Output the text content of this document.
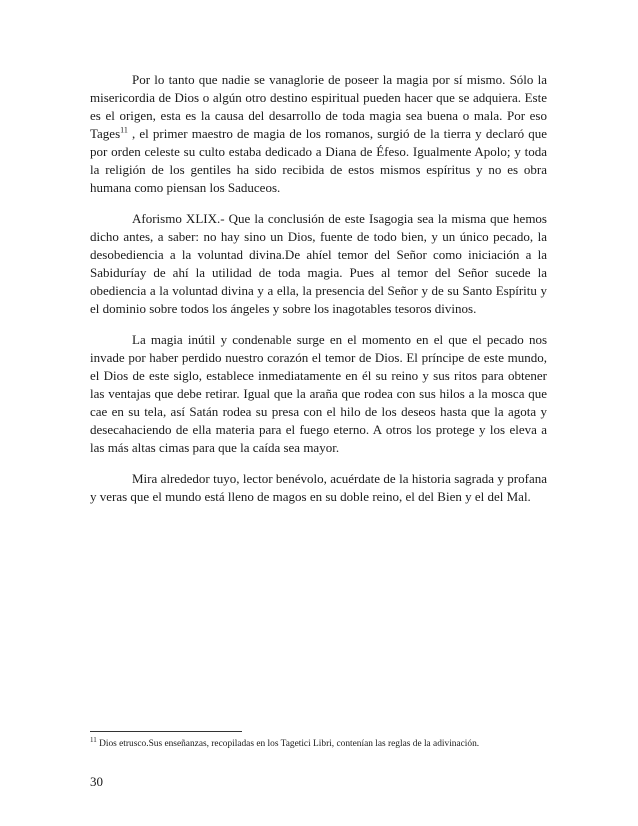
Por lo tanto que nadie se vanaglorie de poseer la magia por sí mismo. Sólo la misericordia de Dios o algún otro destino espiritual pueden hacer que se adquiera. Este es el origen, esta es la causa del desarrollo de toda magia sea buena o mala. Por eso Tages$^{11}$ , el primer maestro de magia de los romanos, surgió de la tierra y declaró que por orden celeste su culto estaba dedicado a Diana de Éfeso. Igualmente Apolo; y toda la religión de los gentiles ha sido recibida de estos mismos espíritus y no es obra humana como piensan los Saduceos.

Aforismo XLIX.- Que la conclusión de este Isagogia sea la misma que hemos dicho antes, a saber: no hay sino un Dios, fuente de todo bien, y un único pecado, la desobediencia a la voluntad divina.De ahíel temor del Señor como iniciación a la Sabiduríay de ahí la utilidad de toda magia. Pues al temor del Señor sucede la obediencia a la voluntad divina y a ella, la presencia del Señor y de su Santo Espíritu y el dominio sobre todos los ángeles y sobre los inagotables tesoros divinos.

La magia inútil y condenable surge en el momento en el que el pecado nos invade por haber perdido nuestro corazón el temor de Dios. El príncipe de este mundo, el Dios de este siglo, establece inmediatamente en él su reino y sus ritos para obtener las ventajas que debe retirar. Igual que la araña que rodea con sus hilos a la mosca que cae en su tela, así Satán rodea su presa con el hilo de los deseos hasta que la agota y desecahaciendo de ella materia para el fuego eterno. A otros los protege y los eleva a las más altas cimas para que la caída sea mayor.

Mira alrededor tuyo, lector benévolo, acuérdate de la historia sagrada y profana y veras que el mundo está lleno de magos en su doble reino, el del Bien y el del Mal.

$^{11}$ Dios etrusco.Sus enseñanzas, recopiladas en los Tagetici Libri, contenían las reglas de la adivinación.
30
